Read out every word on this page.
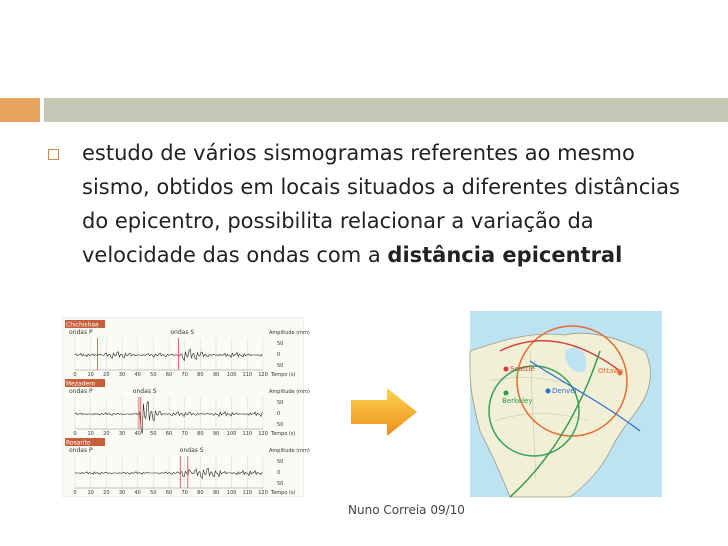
estudo de vários sismogramas referentes ao mesmo sismo, obtidos em locais situados a diferentes distâncias do epicentro, possibilita relacionar a variação da velocidade das ondas com a distância epicentral
Chichishaa
ondas P	ondas S	Amplitude (mm)
50
0
50
0 10 20 30 40 50 60 70 80 90 100 110 120 Tempo (s)
Mezadero
ondas P	ondas S	Amplitude (mm)
50
0
50
0 10 20 30 40 50 60 70 80 90 100 110 120 Tempo (s)
Rosarito
ondas P	ondas S	Amplitude (mm)
50
0
50
0 10 20 30 40 50 60 70 80 90 100 110 120 Tempo (s)
Seattle	Ottawa
Berkeley
Denver
Nuno Correia 09/10
